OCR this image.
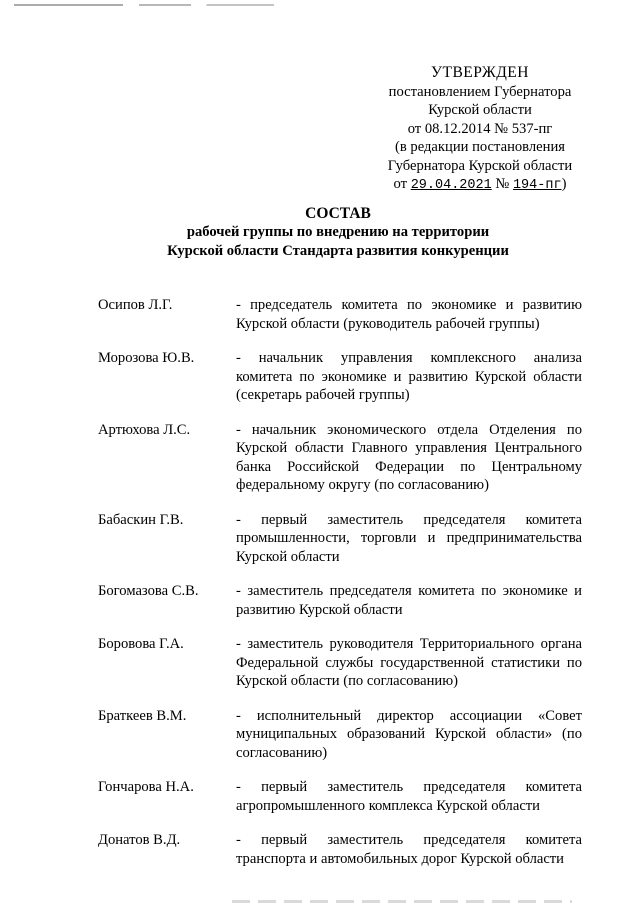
УТВЕРЖДЕН
постановлением Губернатора
Курской области
от 08.12.2014 № 537-пг
(в редакции постановления
Губернатора Курской области
от 29.04.2021 № 194-пг)
СОСТАВ
рабочей группы по внедрению на территории
Курской области Стандарта развития конкуренции
Осипов Л.Г.	- председатель комитета по экономике и развитию Курской области (руководитель рабочей группы)
Морозова Ю.В.	- начальник управления комплексного анализа комитета по экономике и развитию Курской области (секретарь рабочей группы)
Артюхова Л.С.	- начальник экономического отдела Отделения по Курской области Главного управления Центрального банка Российской Федерации по Центральному федеральному округу (по согласованию)
Бабаскин Г.В.	- первый заместитель председателя комитета промышленности, торговли и предпринимательства Курской области
Богомазова С.В.	- заместитель председателя комитета по экономике и развитию Курской области
Боровова Г.А.	- заместитель руководителя Территориального органа Федеральной службы государственной статистики по Курской области (по согласованию)
Браткеев В.М.	- исполнительный директор ассоциации «Совет муниципальных образований Курской области» (по согласованию)
Гончарова Н.А.	- первый заместитель председателя комитета агропромышленного комплекса Курской области
Донатов В.Д.	- первый заместитель председателя комитета транспорта и автомобильных дорог Курской области
